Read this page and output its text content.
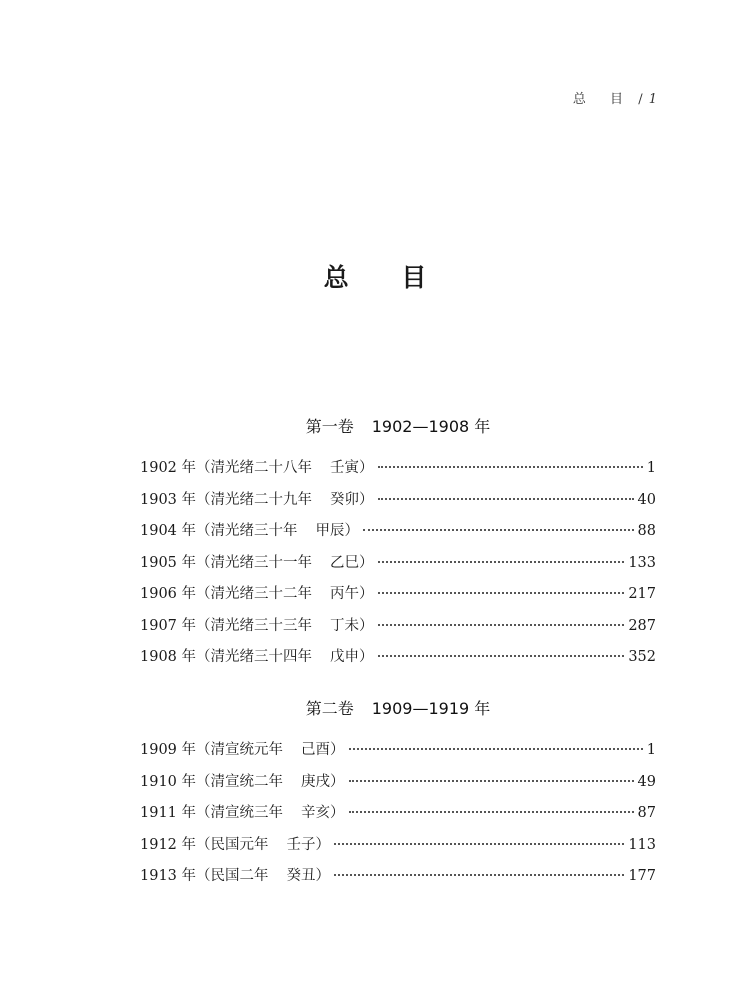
总 目 / 1
总 目
第一卷 1902—1908 年
1902 年（清光绪二十八年 壬寅）	1
1903 年（清光绪二十九年 癸卯）	40
1904 年（清光绪三十年 甲辰）	88
1905 年（清光绪三十一年 乙巳）	133
1906 年（清光绪三十二年 丙午）	217
1907 年（清光绪三十三年 丁未）	287
1908 年（清光绪三十四年 戊申）	352
第二卷 1909—1919 年
1909 年（清宣统元年 己酉）	1
1910 年（清宣统二年 庚戌）	49
1911 年（清宣统三年 辛亥）	87
1912 年（民国元年 壬子）	113
1913 年（民国二年 癸丑）	177
